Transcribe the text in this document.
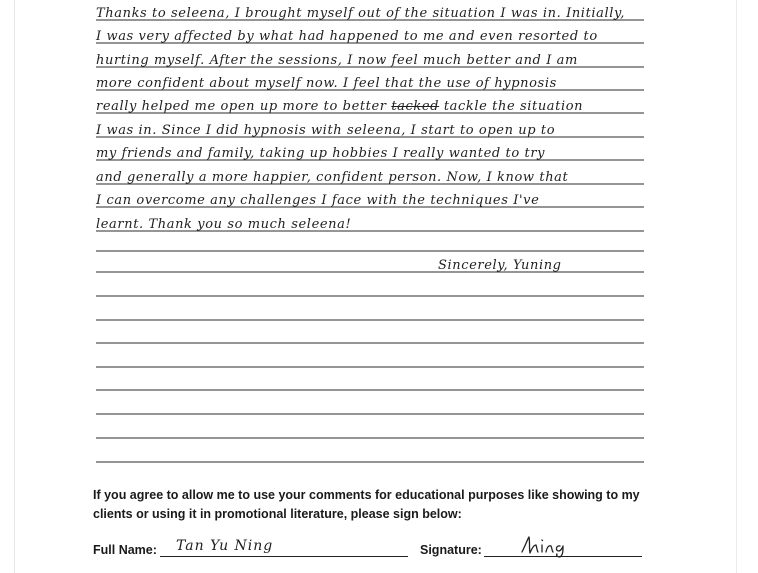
Thanks to seleena, I brought myself out of the situation I was in. Initially,
I was very affected by what had happened to me and even resorted to
hurting myself. After the sessions, I now feel much better and I am
more confident about myself now. I feel that the use of hypnosis
really helped me open up more to better tacked tackle the situation
I was in. Since I did hypnosis with seleena, I start to open up to
my friends and family, taking up hobbies I really wanted to try
and generally a more happier, confident person. Now, I know that
I can overcome any challenges I face with the techniques I've
learnt. Thank you so much seleena!
Sincerely, Yuning
If you agree to allow me to use your comments for educational purposes like showing to my clients or using it in promotional literature, please sign below:
Full Name: Tan Yu Ning	Signature:
